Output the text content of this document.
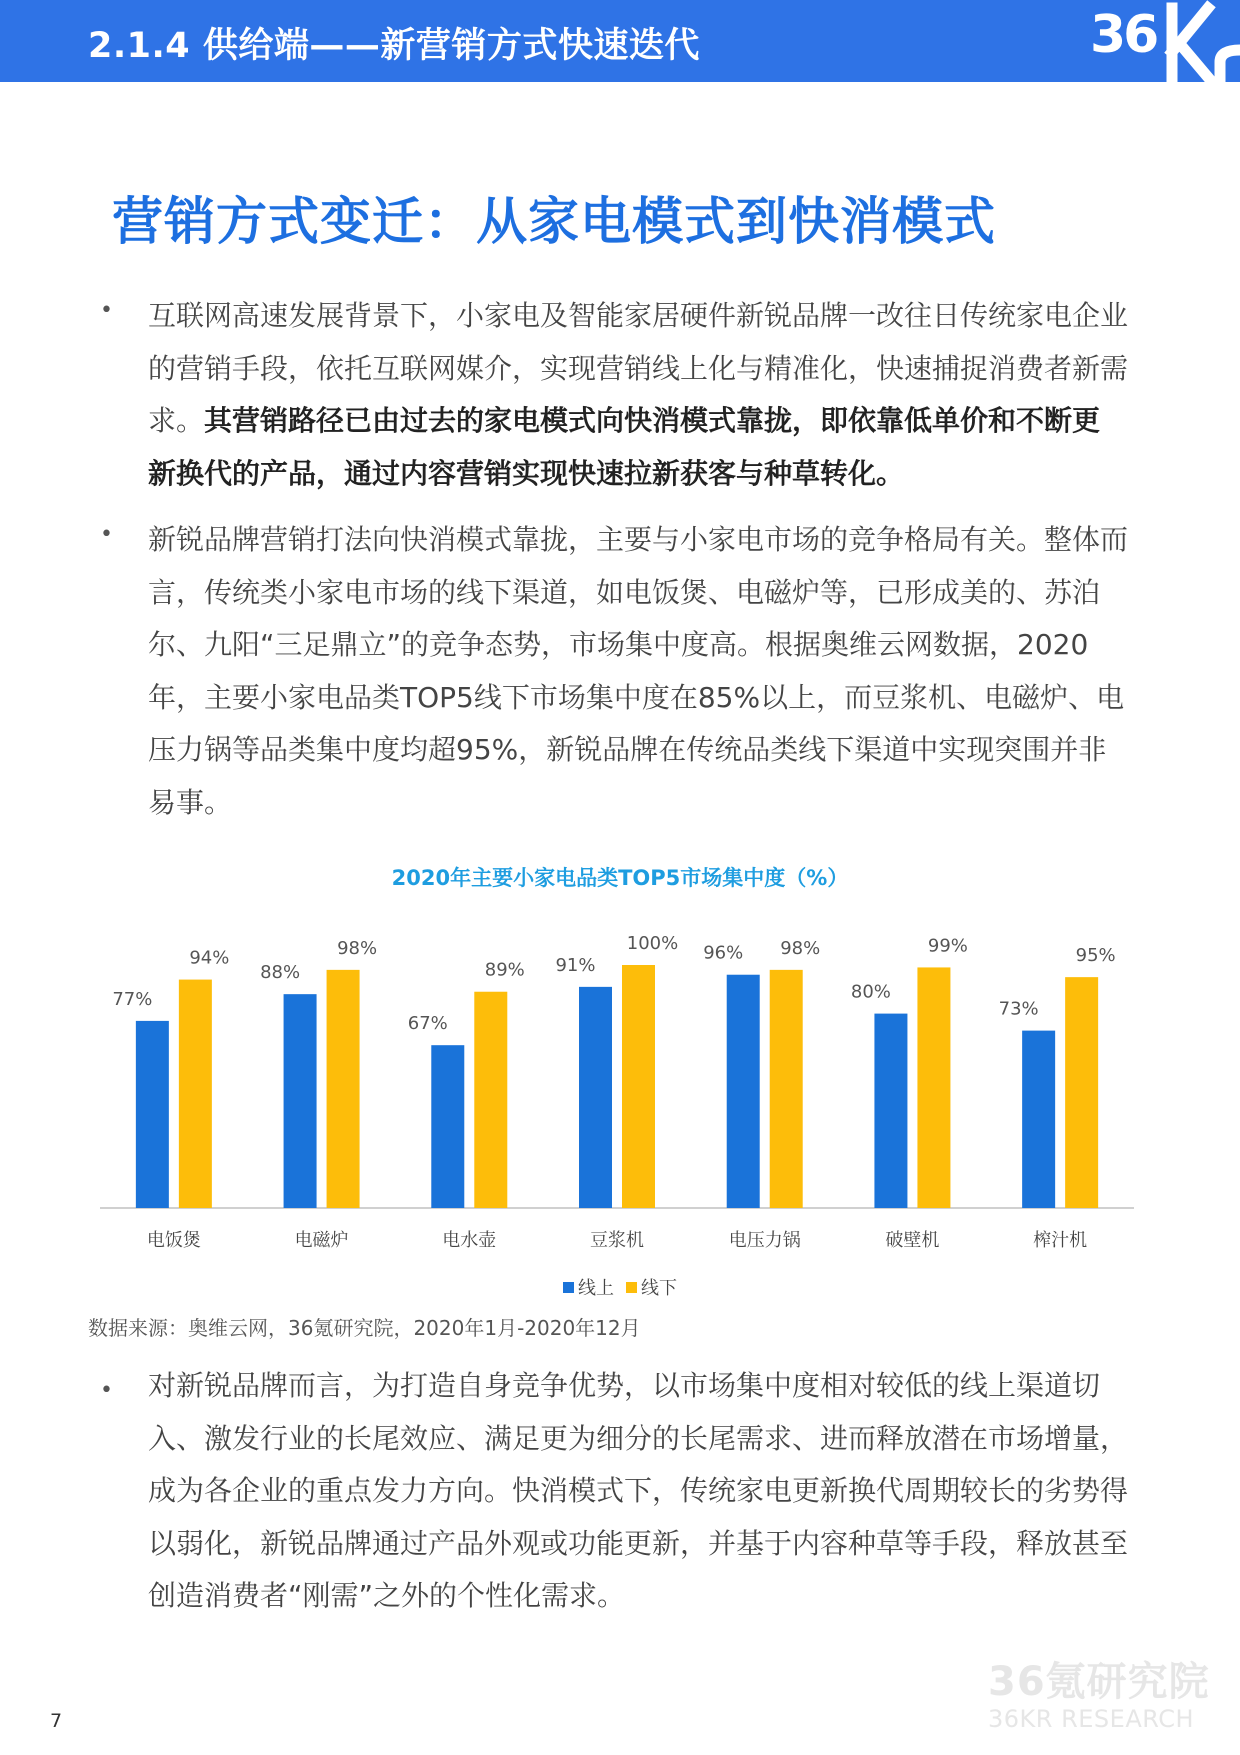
2.1.4 供给端——新营销方式快速迭代	36
营销方式变迁：从家电模式到快消模式
• 互联网高速发展背景下，小家电及智能家居硬件新锐品牌一改往日传统家电企业的营销手段，依托互联网媒介，实现营销线上化与精准化，快速捕捉消费者新需求。其营销路径已由过去的家电模式向快消模式靠拢，即依靠低单价和不断更新换代的产品，通过内容营销实现快速拉新获客与种草转化。
• 新锐品牌营销打法向快消模式靠拢，主要与小家电市场的竞争格局有关。整体而言，传统类小家电市场的线下渠道，如电饭煲、电磁炉等，已形成美的、苏泊尔、九阳“三足鼎立”的竞争态势，市场集中度高。根据奥维云网数据，2020年，主要小家电品类TOP5线下市场集中度在85%以上，而豆浆机、电磁炉、电压力锅等品类集中度均超95%，新锐品牌在传统品类线下渠道中实现突围并非易事。
2020年主要小家电品类TOP5市场集中度（%）
77%
94%
电饭煲
88%
98%
电磁炉
67%
89%
电水壶
91%
100%
豆浆机
96% 98%
电压力锅
80%
99%
破壁机
73%
95%
榨汁机
线上 线下
数据来源：奥维云网，36氪研究院，2020年1月-2020年12月
• 对新锐品牌而言，为打造自身竞争优势，以市场集中度相对较低的线上渠道切入、激发行业的长尾效应、满足更为细分的长尾需求、进而释放潜在市场增量，成为各企业的重点发力方向。快消模式下，传统家电更新换代周期较长的劣势得以弱化，新锐品牌通过产品外观或功能更新，并基于内容种草等手段，释放甚至创造消费者“刚需”之外的个性化需求。
36氪研究院
36KR RESEARCH
7
